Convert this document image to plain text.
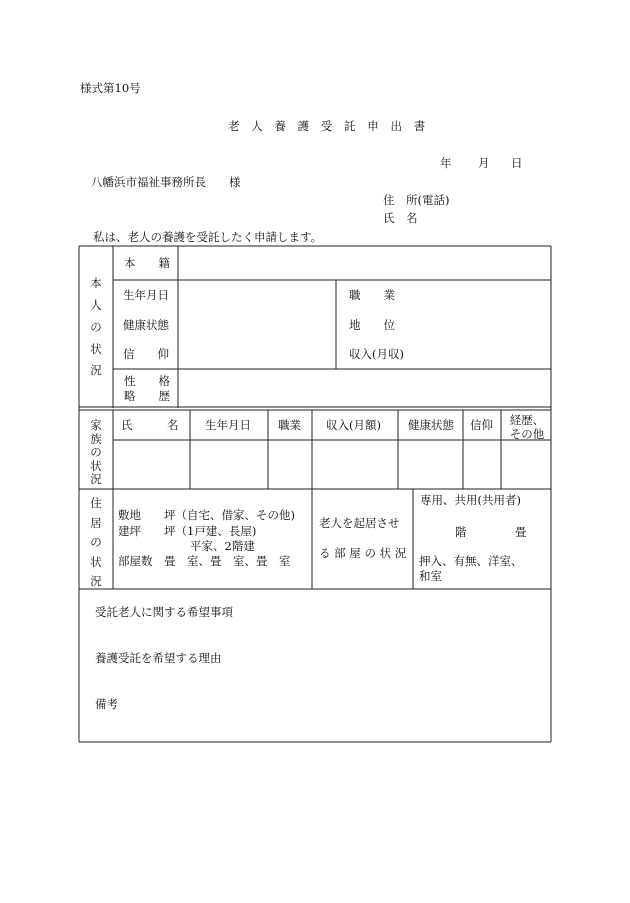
様式第10号
老 人 養 護 受 託 申 出 書
年 月 日
八幡浜市福祉事務所長　　様
住　所(電話)
氏　名
私は、老人の養護を受託したく申請します。
本
人
の
状
況
本　　籍
生年月日
健康状態
信　　仰
職　　業
地　　位
収入(月収)
性　　格
略　　歴
家
族
の
状
況
氏　　　名 生年月日 職業 収入(月額) 健康状態 信仰 経歴、その他
住
居
の
状
況
敷地　　坪（自宅、借家、その他)
建坪　　坪（1戸建、長屋)
平家、2階建
部屋数　畳　室、畳　室、畳　室
老人を起居させ
る 部 屋 の 状 況
専用、共用(共用者)
階	畳
押入、有無、洋室、
和室
受託老人に関する希望事項
養護受託を希望する理由
備考
